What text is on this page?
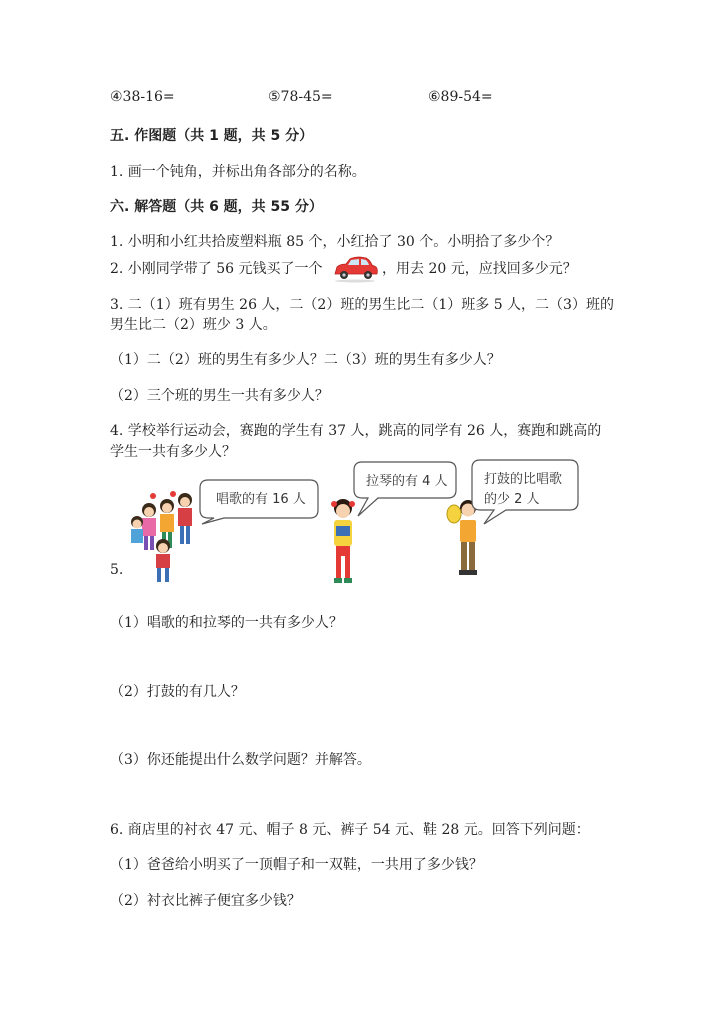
④38-16=	⑤78-45=	⑥89-54=
五. 作图题（共 1 题，共 5 分）
1. 画一个钝角，并标出角各部分的名称。
六. 解答题（共 6 题，共 55 分）
1. 小明和小红共拾废塑料瓶 85 个，小红拾了 30 个。小明拾了多少个？
2. 小刚同学带了 56 元钱买了一个	，用去 20 元，应找回多少元？
3. 二（1）班有男生 26 人，二（2）班的男生比二（1）班多 5 人，二（3）班的
男生比二（2）班少 3 人。
（1）二（2）班的男生有多少人？二（3）班的男生有多少人？
（2）三个班的男生一共有多少人？
4. 学校举行运动会，赛跑的学生有 37 人，跳高的同学有 26 人，赛跑和跳高的
学生一共有多少人？
5.
唱歌的有 16 人
拉琴的有 4 人	打鼓的比唱歌
的少 2 人
（1）唱歌的和拉琴的一共有多少人？
（2）打鼓的有几人？
（3）你还能提出什么数学问题？并解答。
6. 商店里的衬衣 47 元、帽子 8 元、裤子 54 元、鞋 28 元。回答下列问题：
（1）爸爸给小明买了一顶帽子和一双鞋，一共用了多少钱？
（2）衬衣比裤子便宜多少钱？
